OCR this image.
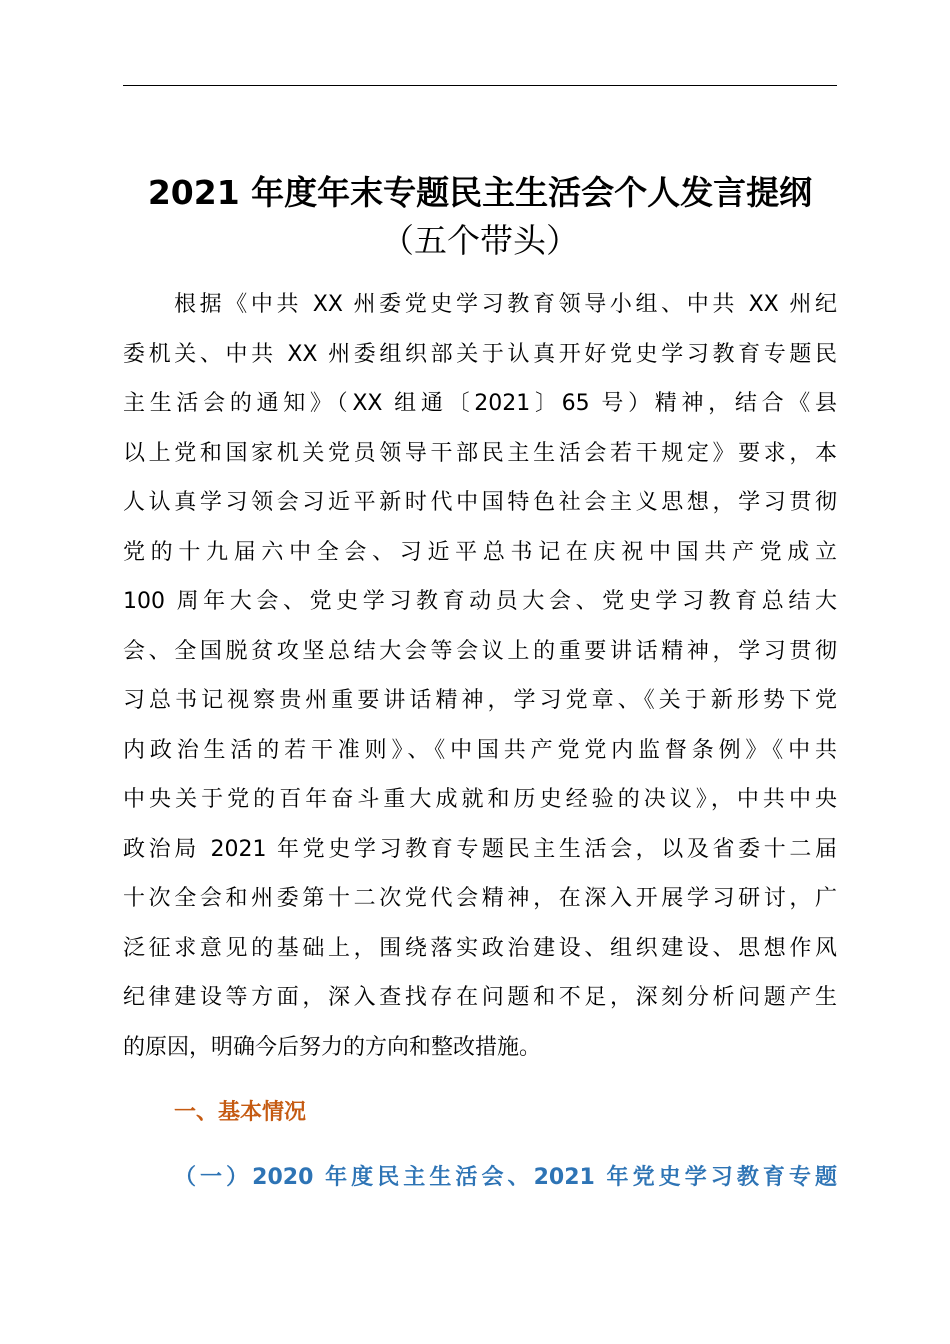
2021 年度年末专题民主生活会个人发言提纲
（五个带头）

根据《中共 XX 州委党史学习教育领导小组、中共 XX 州纪
委机关、中共 XX 州委组织部关于认真开好党史学习教育专题民
主生活会的通知》（XX 组通〔2021〕65 号）精神，结合《县
以上党和国家机关党员领导干部民主生活会若干规定》要求，本
人认真学习领会习近平新时代中国特色社会主义思想，学习贯彻
党的十九届六中全会、习近平总书记在庆祝中国共产党成立
100 周年大会、党史学习教育动员大会、党史学习教育总结大
会、全国脱贫攻坚总结大会等会议上的重要讲话精神，学习贯彻
习总书记视察贵州重要讲话精神，学习党章、《关于新形势下党
内政治生活的若干准则》、《中国共产党党内监督条例》《中共
中央关于党的百年奋斗重大成就和历史经验的决议》，中共中央
政治局 2021 年党史学习教育专题民主生活会，以及省委十二届
十次全会和州委第十二次党代会精神，在深入开展学习研讨，广
泛征求意见的基础上，围绕落实政治建设、组织建设、思想作风
纪律建设等方面，深入查找存在问题和不足，深刻分析问题产生
的原因，明确今后努力的方向和整改措施。

一、基本情况
（一）2020 年度民主生活会、2021 年党史学习教育专题
